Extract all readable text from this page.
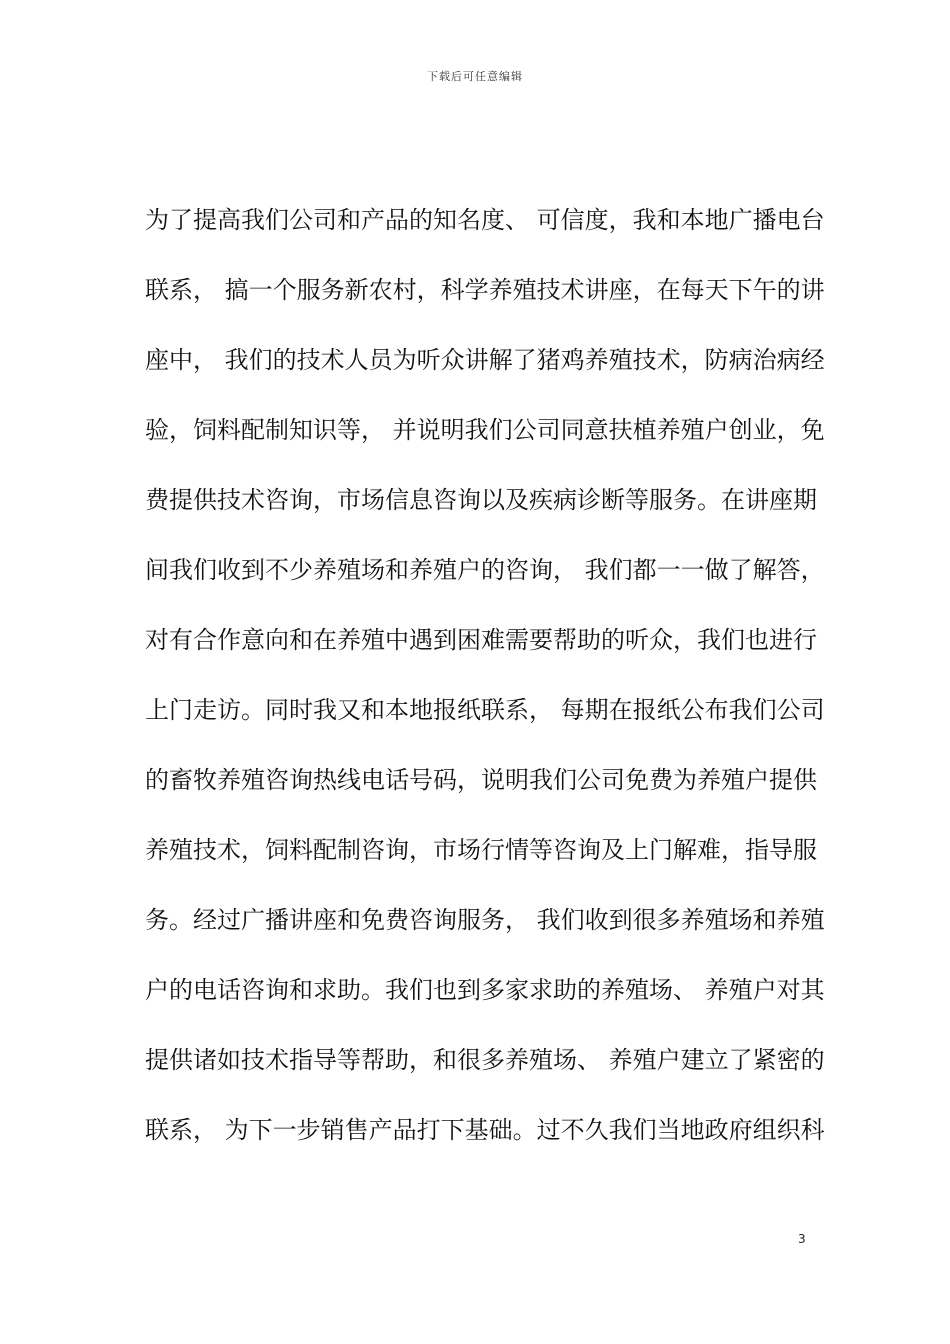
下载后可任意编辑
为了提高我们公司和产品的知名度、 可信度，我和本地广播电台
联系， 搞一个服务新农村，科学养殖技术讲座，在每天下午的讲
座中， 我们的技术人员为听众讲解了猪鸡养殖技术，防病治病经
验，饲料配制知识等， 并说明我们公司同意扶植养殖户创业，免
费提供技术咨询，市场信息咨询以及疾病诊断等服务。在讲座期
间我们收到不少养殖场和养殖户的咨询， 我们都一一做了解答，
对有合作意向和在养殖中遇到困难需要帮助的听众，我们也进行
上门走访。同时我又和本地报纸联系， 每期在报纸公布我们公司
的畜牧养殖咨询热线电话号码，说明我们公司免费为养殖户提供
养殖技术，饲料配制咨询，市场行情等咨询及上门解难，指导服
务。经过广播讲座和免费咨询服务， 我们收到很多养殖场和养殖
户的电话咨询和求助。我们也到多家求助的养殖场、 养殖户对其
提供诸如技术指导等帮助，和很多养殖场、 养殖户建立了紧密的
联系， 为下一步销售产品打下基础。过不久我们当地政府组织科
3
